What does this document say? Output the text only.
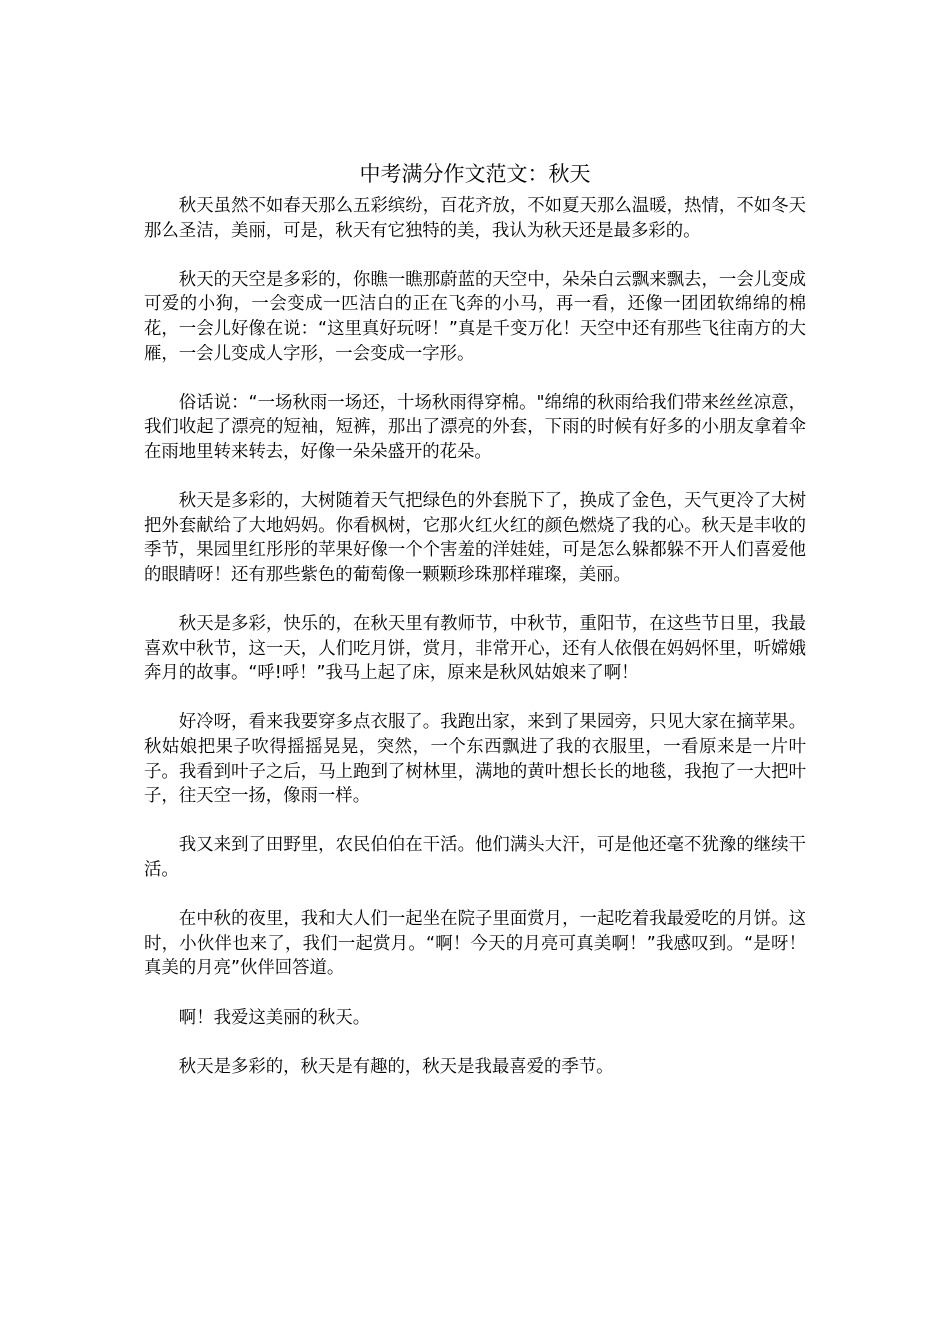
中考满分作文范文：秋天

秋天虽然不如春天那么五彩缤纷，百花齐放，不如夏天那么温暖，热情，不如冬天那么圣洁，美丽，可是，秋天有它独特的美，我认为秋天还是最多彩的。

秋天的天空是多彩的，你瞧一瞧那蔚蓝的天空中，朵朵白云飘来飘去，一会儿变成可爱的小狗，一会变成一匹洁白的正在飞奔的小马，再一看，还像一团团软绵绵的棉花，一会儿好像在说：“这里真好玩呀！”真是千变万化！天空中还有那些飞往南方的大雁，一会儿变成人字形，一会变成一字形。

俗话说：“一场秋雨一场还，十场秋雨得穿棉。"绵绵的秋雨给我们带来丝丝凉意，我们收起了漂亮的短袖，短裤，那出了漂亮的外套，下雨的时候有好多的小朋友拿着伞在雨地里转来转去，好像一朵朵盛开的花朵。

秋天是多彩的，大树随着天气把绿色的外套脱下了，换成了金色，天气更冷了大树把外套献给了大地妈妈。你看枫树，它那火红火红的颜色燃烧了我的心。秋天是丰收的季节，果园里红彤彤的苹果好像一个个害羞的洋娃娃，可是怎么躲都躲不开人们喜爱他的眼睛呀！还有那些紫色的葡萄像一颗颗珍珠那样璀璨，美丽。

秋天是多彩，快乐的，在秋天里有教师节，中秋节，重阳节，在这些节日里，我最喜欢中秋节，这一天，人们吃月饼，赏月，非常开心，还有人依偎在妈妈怀里，听嫦娥奔月的故事。“呼!呼！”我马上起了床，原来是秋风姑娘来了啊！

好冷呀，看来我要穿多点衣服了。我跑出家，来到了果园旁，只见大家在摘苹果。秋姑娘把果子吹得摇摇晃晃，突然，一个东西飘进了我的衣服里，一看原来是一片叶子。我看到叶子之后，马上跑到了树林里，满地的黄叶想长长的地毯，我抱了一大把叶子，往天空一扬，像雨一样。

我又来到了田野里，农民伯伯在干活。他们满头大汗，可是他还毫不犹豫的继续干活。

在中秋的夜里，我和大人们一起坐在院子里面赏月，一起吃着我最爱吃的月饼。这时，小伙伴也来了，我们一起赏月。“啊！今天的月亮可真美啊！”我感叹到。“是呀！真美的月亮”伙伴回答道。

啊！我爱这美丽的秋天。

秋天是多彩的，秋天是有趣的，秋天是我最喜爱的季节。
